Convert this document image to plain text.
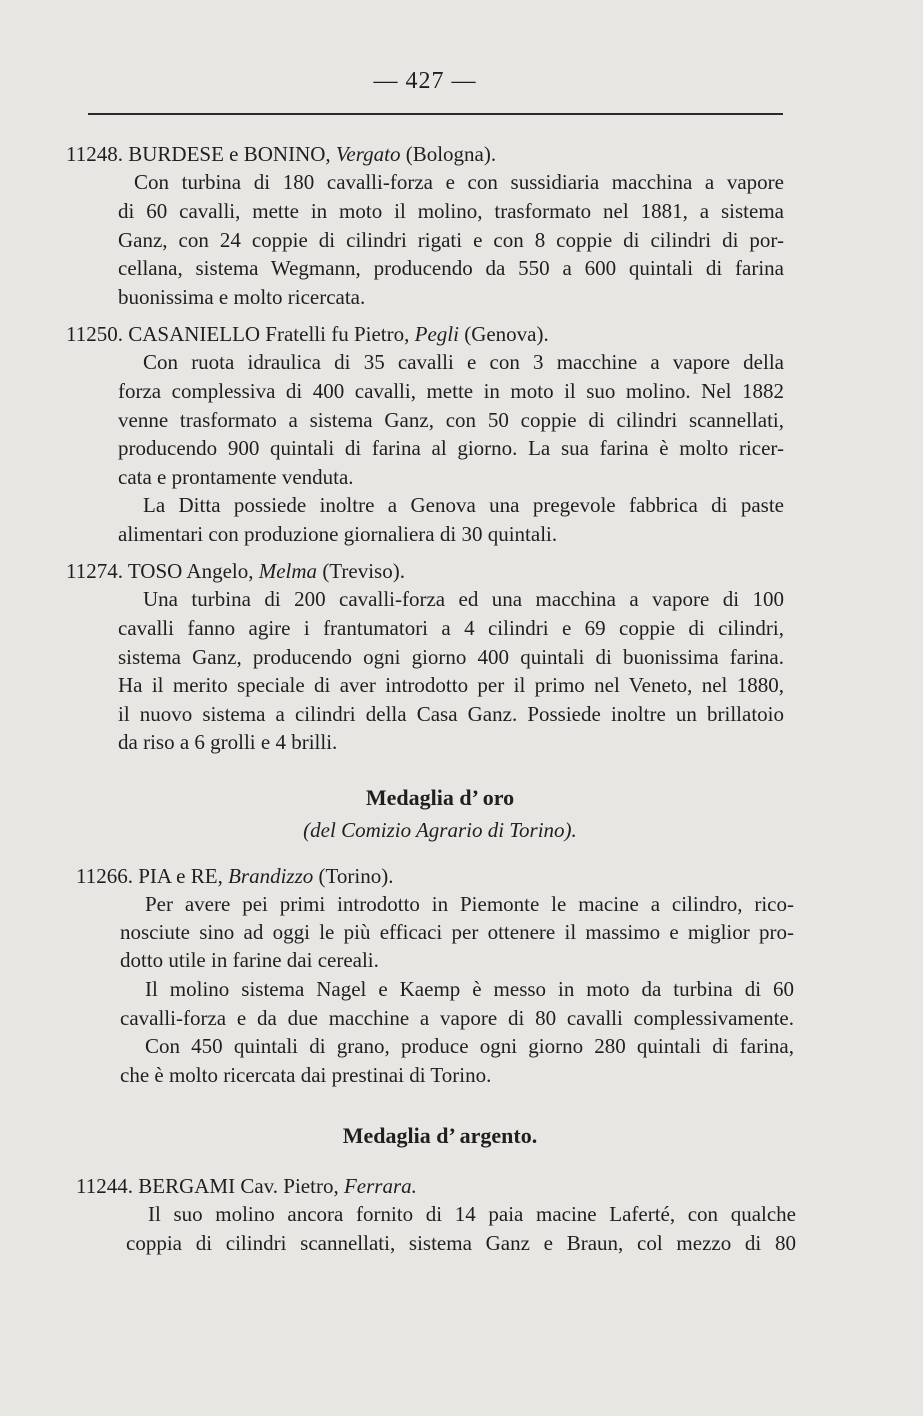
— 427 —
11248. BURDESE e BONINO, Vergato (Bologna).
Con turbina di 180 cavalli-forza e con sussidiaria macchina a vapore
di 60 cavalli, mette in moto il molino, trasformato nel 1881, a sistema
Ganz, con 24 coppie di cilindri rigati e con 8 coppie di cilindri di por-
cellana, sistema Wegmann, producendo da 550 a 600 quintali di farina
buonissima e molto ricercata.
11250. CASANIELLO Fratelli fu Pietro, Pegli (Genova).
Con ruota idraulica di 35 cavalli e con 3 macchine a vapore della
forza complessiva di 400 cavalli, mette in moto il suo molino. Nel 1882
venne trasformato a sistema Ganz, con 50 coppie di cilindri scannellati,
producendo 900 quintali di farina al giorno. La sua farina è molto ricer-
cata e prontamente venduta.
La Ditta possiede inoltre a Genova una pregevole fabbrica di paste
alimentari con produzione giornaliera di 30 quintali.
11274. TOSO Angelo, Melma (Treviso).
Una turbina di 200 cavalli-forza ed una macchina a vapore di 100
cavalli fanno agire i frantumatori a 4 cilindri e 69 coppie di cilindri,
sistema Ganz, producendo ogni giorno 400 quintali di buonissima farina.
Ha il merito speciale di aver introdotto per il primo nel Veneto, nel 1880,
il nuovo sistema a cilindri della Casa Ganz. Possiede inoltre un brillatoio
da riso a 6 grolli e 4 brilli.
Medaglia d’ oro
(del Comizio Agrario di Torino).
11266. PIA e RE, Brandizzo (Torino).
Per avere pei primi introdotto in Piemonte le macine a cilindro, rico-
nosciute sino ad oggi le più efficaci per ottenere il massimo e miglior pro-
dotto utile in farine dai cereali.
Il molino sistema Nagel e Kaemp è messo in moto da turbina di 60
cavalli-forza e da due macchine a vapore di 80 cavalli complessivamente.
Con 450 quintali di grano, produce ogni giorno 280 quintali di farina,
che è molto ricercata dai prestinai di Torino.
Medaglia d’ argento.
11244. BERGAMI Cav. Pietro, Ferrara.
Il suo molino ancora fornito di 14 paia macine Laferté, con qualche
coppia di cilindri scannellati, sistema Ganz e Braun, col mezzo di 80
